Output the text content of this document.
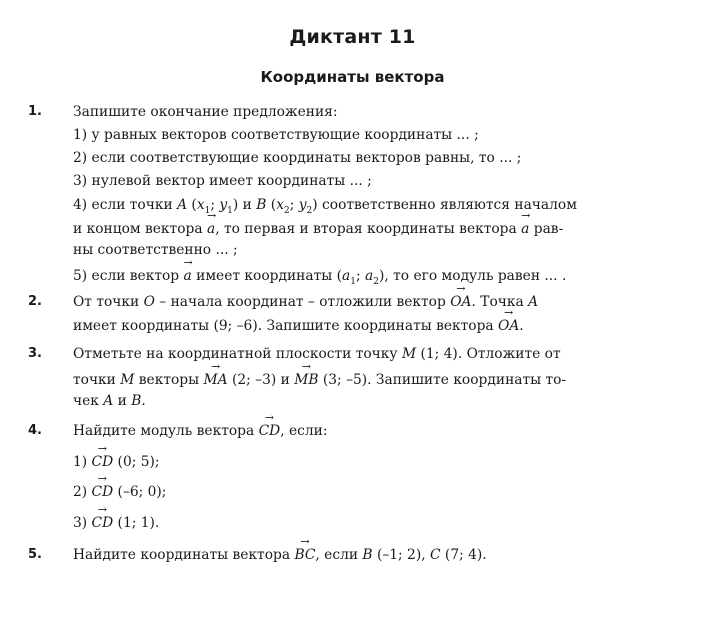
Диктант 11
Координаты вектора
1.	Запишите окончание предложения:
1) у равных векторов соответствующие координаты ... ;
2) если соответствующие координаты векторов равны, то ... ;
3) нулевой вектор имеет координаты ... ;
4) если точки A ($x_1$; $y_1$) и B ($x_2$; $y_2$) соответственно являются началом
и концом вектора → a, то первая и вторая координаты вектора → a рав-
ны соответственно ... ;
5) если вектор → a имеет координаты ($a_1$; $a_2$), то его модуль равен ... .
2.	От точки O – начала координат – отложили вектор → OA. Точка A
имеет координаты (9; –6). Запишите координаты вектора → OA.
3.	Отметьте на координатной плоскости точку M (1; 4). Отложите от
точки M векторы → MA (2; –3) и → MB (3; –5). Запишите координаты то-
чек A и B.
4.	Найдите модуль вектора → CD, если:
1) → CD (0; 5);
2) → CD (–6; 0);
3) → CD (1; 1).
5.	Найдите координаты вектора → BC, если B (–1; 2), C (7; 4).
